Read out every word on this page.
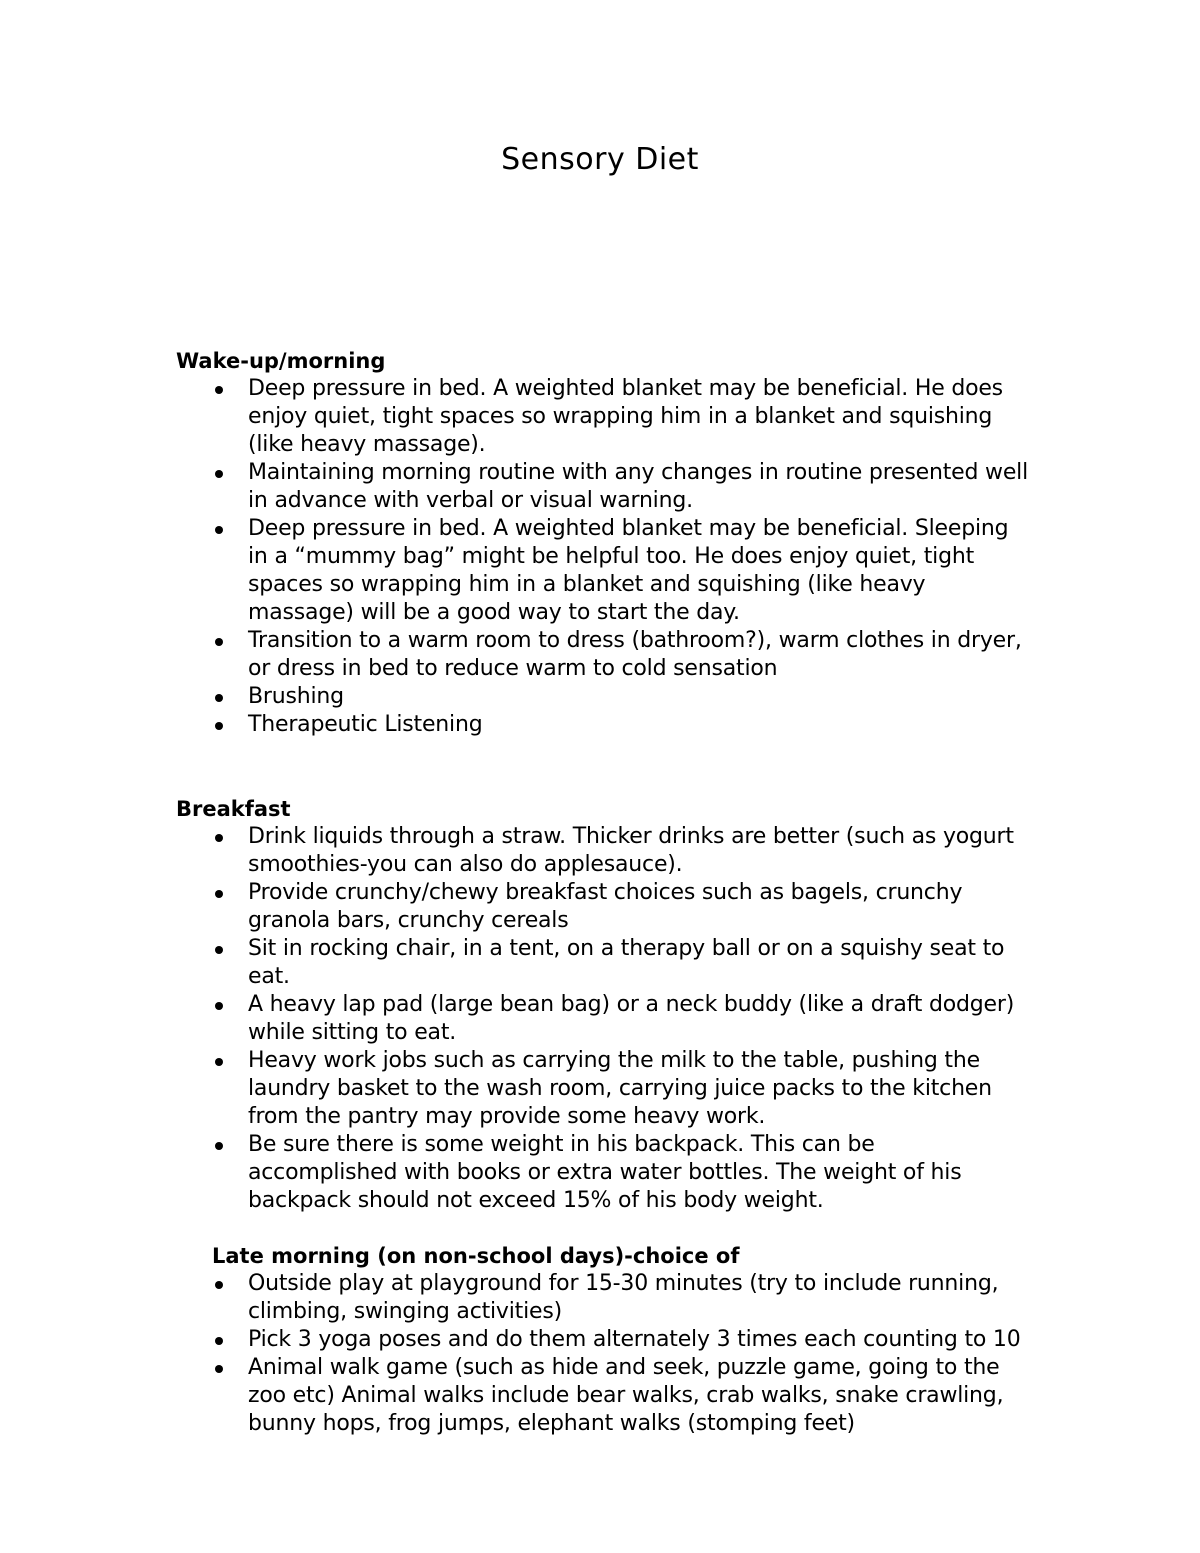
Sensory Diet
Wake-up/morning
Deep pressure in bed. A weighted blanket may be beneficial. He does enjoy quiet, tight spaces so wrapping him in a blanket and squishing (like heavy massage).
Maintaining morning routine with any changes in routine presented well in advance with verbal or visual warning.
Deep pressure in bed. A weighted blanket may be beneficial. Sleeping in a “mummy bag” might be helpful too. He does enjoy quiet, tight spaces so wrapping him in a blanket and squishing (like heavy massage) will be a good way to start the day.
Transition to a warm room to dress (bathroom?), warm clothes in dryer, or dress in bed to reduce warm to cold sensation
Brushing
Therapeutic Listening
Breakfast
Drink liquids through a straw. Thicker drinks are better (such as yogurt smoothies-you can also do applesauce).
Provide crunchy/chewy breakfast choices such as bagels, crunchy granola bars, crunchy cereals
Sit in rocking chair, in a tent, on a therapy ball or on a squishy seat to eat.
A heavy lap pad (large bean bag) or a neck buddy (like a draft dodger) while sitting to eat.
Heavy work jobs such as carrying the milk to the table, pushing the laundry basket to the wash room, carrying juice packs to the kitchen from the pantry may provide some heavy work.
Be sure there is some weight in his backpack. This can be accomplished with books or extra water bottles. The weight of his backpack should not exceed 15% of his body weight.
Late morning (on non-school days)-choice of
Outside play at playground for 15-30 minutes (try to include running, climbing, swinging activities)
Pick 3 yoga poses and do them alternately 3 times each counting to 10
Animal walk game (such as hide and seek, puzzle game, going to the zoo etc) Animal walks include bear walks, crab walks, snake crawling, bunny hops, frog jumps, elephant walks (stomping feet)
